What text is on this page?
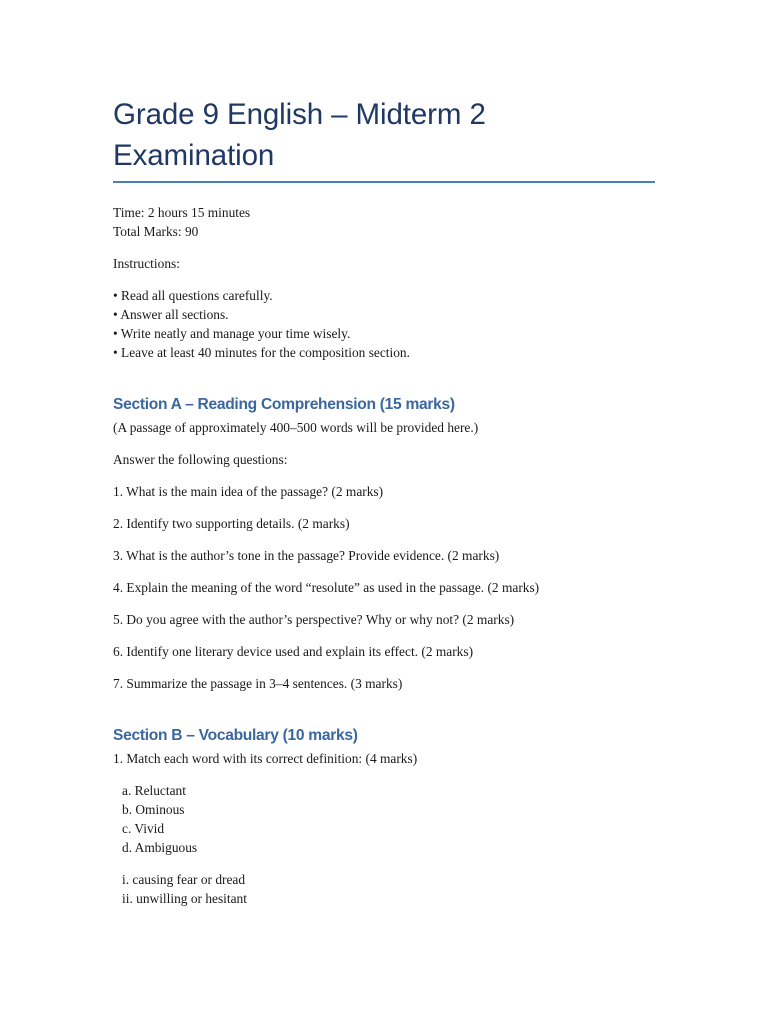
Grade 9 English – Midterm 2
Examination

Time: 2 hours 15 minutes

Total Marks: 90

Instructions:

• Read all questions carefully.

• Answer all sections.

• Write neatly and manage your time wisely.

• Leave at least 40 minutes for the composition section.

Section A – Reading Comprehension (15 marks)

(A passage of approximately 400–500 words will be provided here.)

Answer the following questions:

1. What is the main idea of the passage? (2 marks)

2. Identify two supporting details. (2 marks)

3. What is the author’s tone in the passage? Provide evidence. (2 marks)

4. Explain the meaning of the word “resolute” as used in the passage. (2 marks)

5. Do you agree with the author’s perspective? Why or why not? (2 marks)

6. Identify one literary device used and explain its effect. (2 marks)

7. Summarize the passage in 3–4 sentences. (3 marks)

Section B – Vocabulary (10 marks)

1. Match each word with its correct definition: (4 marks)

a. Reluctant

b. Ominous

c. Vivid

d. Ambiguous

i. causing fear or dread

ii. unwilling or hesitant
